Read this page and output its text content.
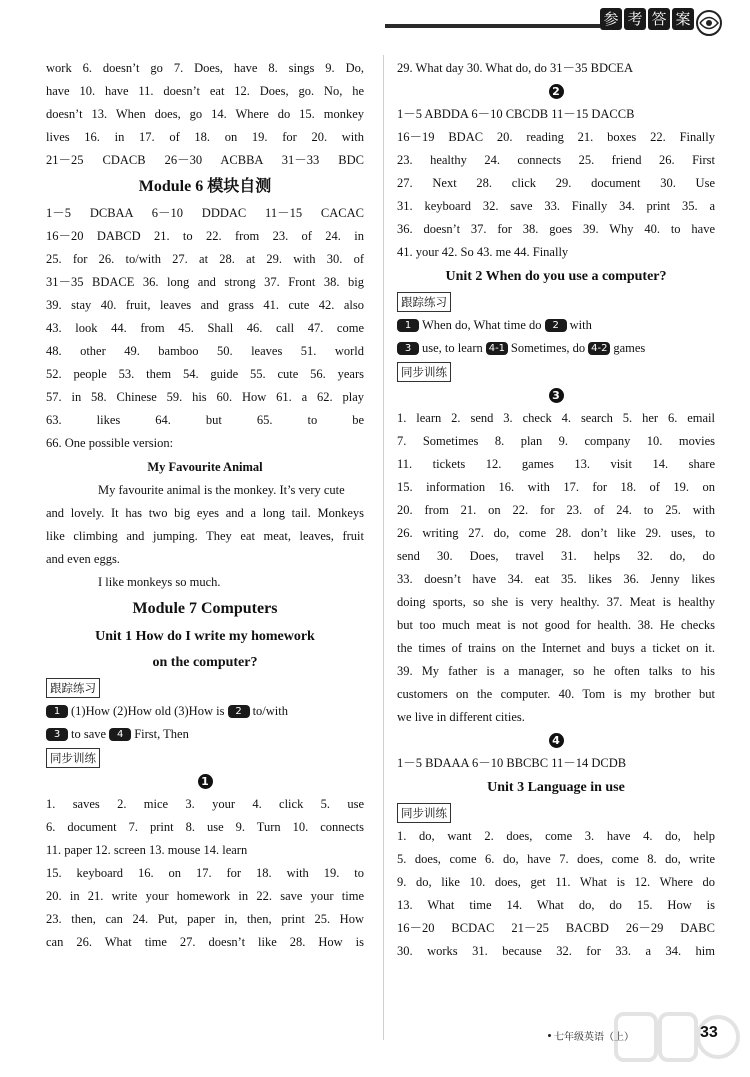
参 考 答 案
work 6. doesn’t go 7. Does, have 8. sings 9. Do,
have 10. have 11. doesn’t eat 12. Does, go. No, he
doesn’t 13. When does, go 14. Where do 15. monkey
lives 16. in 17. of 18. on 19. for 20. with
21－25 CDACB 26－30 ACBBA 31－33 BDC
Module 6 模块自测
1－5 DCBAA 6－10 DDDAC 11－15 CACAC
16－20 DABCD 21. to 22. from 23. of 24. in
25. for 26. to/with 27. at 28. at 29. with 30. of
31－35 BDACE 36. long and strong 37. Front 38. big
39. stay 40. fruit, leaves and grass 41. cute 42. also
43. look 44. from 45. Shall 46. call 47. come
48. other 49. bamboo 50. leaves 51. world
52. people 53. them 54. guide 55. cute 56. years
57. in 58. Chinese 59. his 60. How 61. a 62. play
63. likes 64. but 65. to be
66. One possible version:
My Favourite Animal
My favourite animal is the monkey. It’s very cute
and lovely. It has two big eyes and a long tail. Monkeys
like climbing and jumping. They eat meat, leaves, fruit
and even eggs.
I like monkeys so much.
Module 7 Computers
Unit 1 How do I write my homework
on the computer?
跟踪练习
1 (1)How (2)How old (3)How is 2 to/with
3 to save 4 First, Then
同步训练
1
1. saves 2. mice 3. your 4. click 5. use
6. document 7. print 8. use 9. Turn 10. connects
11. paper 12. screen 13. mouse 14. learn
15. keyboard 16. on 17. for 18. with 19. to
20. in 21. write your homework in 22. save your time
23. then, can 24. Put, paper in, then, print 25. How
can 26. What time 27. doesn’t like 28. How is
29. What day 30. What do, do 31－35 BDCEA
2
1－5 ABDDA 6－10 CBCDB 11－15 DACCB
16－19 BDAC 20. reading 21. boxes 22. Finally
23. healthy 24. connects 25. friend 26. First
27. Next 28. click 29. document 30. Use
31. keyboard 32. save 33. Finally 34. print 35. a
36. doesn’t 37. for 38. goes 39. Why 40. to have
41. your 42. So 43. me 44. Finally
Unit 2 When do you use a computer?
跟踪练习
1 When do, What time do 2 with
3 use, to learn 4-1 Sometimes, do 4-2 games
同步训练
3
1. learn 2. send 3. check 4. search 5. her 6. email
7. Sometimes 8. plan 9. company 10. movies
11. tickets 12. games 13. visit 14. share
15. information 16. with 17. for 18. of 19. on
20. from 21. on 22. for 23. of 24. to 25. with
26. writing 27. do, come 28. don’t like 29. uses, to
send 30. Does, travel 31. helps 32. do, do
33. doesn’t have 34. eat 35. likes 36. Jenny likes
doing sports, so she is very healthy. 37. Meat is healthy
but too much meat is not good for health. 38. He checks
the times of trains on the Internet and buys a ticket on it.
39. My father is a manager, so he often talks to his
customers on the computer. 40. Tom is my brother but
we live in different cities.
4
1－5 BDAAA 6－10 BBCBC 11－14 DCDB
Unit 3 Language in use
同步训练
1. do, want 2. does, come 3. have 4. do, help
5. does, come 6. do, have 7. does, come 8. do, write
9. do, like 10. does, get 11. What is 12. Where do
13. What time 14. What do, do 15. How is
16－20 BCDAC 21－25 BACBD 26－29 DABC
30. works 31. because 32. for 33. a 34. him
七年级英语（上）	33
